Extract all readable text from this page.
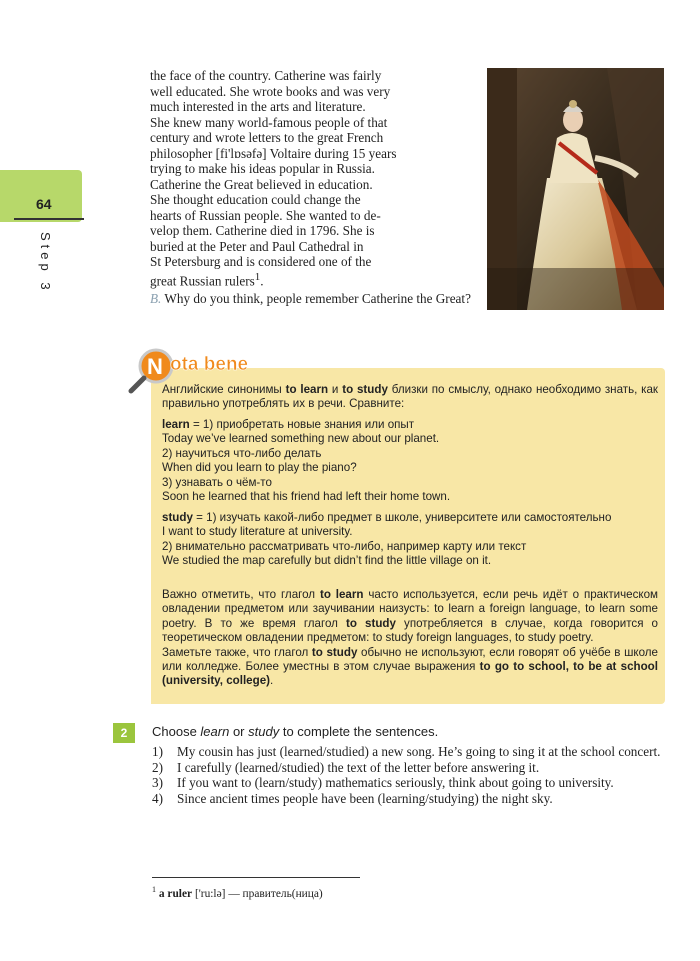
64
Step 3

the face of the country. Catherine was fairly

well educated. She wrote books and was very

much interested in the arts and literature.

She knew many world-famous people of that

century and wrote letters to the great French

philosopher [fi'lɒsəfə] Voltaire during 15 years

trying to make his ideas popular in Russia.

Catherine the Great believed in education.

She thought education could change the

hearts of Russian people. She wanted to de-

velop them. Catherine died in 1796. She is

buried at the Peter and Paul Cathedral in

St Petersburg and is considered one of the

great Russian rulers$^1$.

B. Why do you think, people remember Catherine the Great?
N ota bene
Английские синонимы to learn и to study близки по смыслу, однако необходимо знать, как правильно употреблять их в речи. Сравните:

learn = 1) приобретать новые знания или опыт

Today we’ve learned something new about our planet.

2) научиться что-либо делать

When did you learn to play the piano?

3) узнавать о чём-то

Soon he learned that his friend had left their home town.

study = 1) изучать какой-либо предмет в школе, университете или самостоятельно

I want to study literature at university.

2) внимательно рассматривать что-либо, например карту или текст

We studied the map carefully but didn’t find the little village on it.

Важно отметить, что глагол to learn часто используется, если речь идёт о практическом овладении предметом или заучивании наизусть: to learn a foreign language, to learn some poetry. В то же время глагол to study употребляется в случае, когда говорится о теоретическом овладении предметом: to study foreign languages, to study poetry.

Заметьте также, что глагол to study обычно не используют, если говорят об учёбе в школе или колледже. Более уместны в этом случае выражения to go to school, to be at school (university, college).

2	Choose learn or study to complete the sentences.
1) My cousin has just (learned/studied) a new song. He’s going to sing it at the school concert.
2) I carefully (learned/studied) the text of the letter before answering it.
3) If you want to (learn/study) mathematics seriously, think about going to university.
4) Since ancient times people have been (learning/studying) the night sky.
$^1$ a ruler ['ru:lə] — правитель(ница)
